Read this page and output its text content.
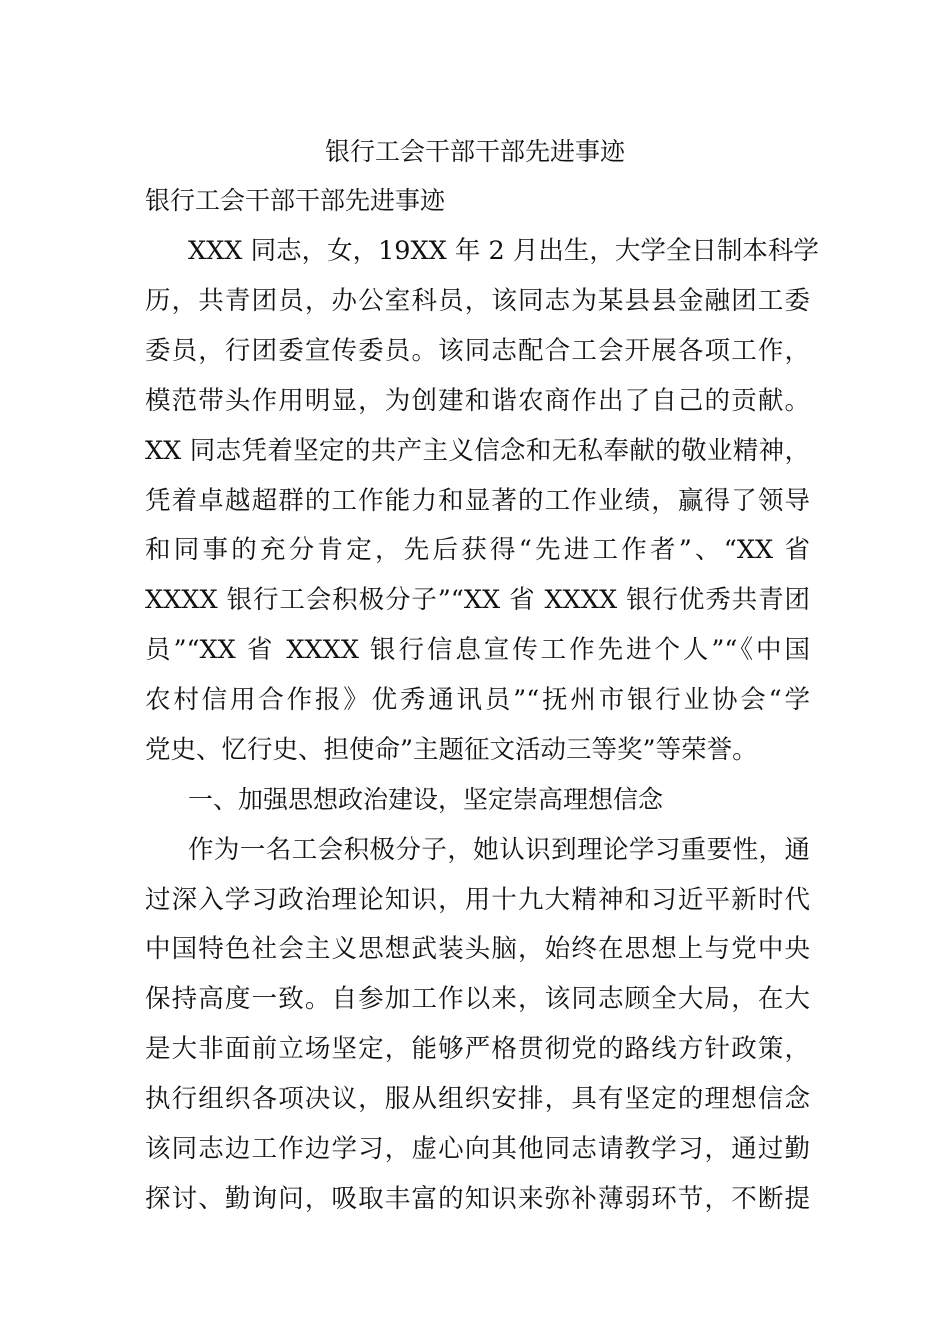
银行工会干部干部先进事迹
银行工会干部干部先进事迹
XXX 同志，女，19XX 年 2 月出生，大学全日制本科学
历，共青团员，办公室科员，该同志为某县县金融团工委
委员，行团委宣传委员。该同志配合工会开展各项工作，
模范带头作用明显，为创建和谐农商作出了自己的贡献。
XX 同志凭着坚定的共产主义信念和无私奉献的敬业精神，
凭着卓越超群的工作能力和显著的工作业绩，赢得了领导
和同事的充分肯定，先后获得“先进工作者”、“XX 省
XXXX 银行工会积极分子”“XX 省 XXXX 银行优秀共青团
员”“XX 省 XXXX 银行信息宣传工作先进个人”“《中国
农村信用合作报》优秀通讯员”“抚州市银行业协会“学
党史、忆行史、担使命”主题征文活动三等奖”等荣誉。
一、加强思想政治建设，坚定崇高理想信念
作为一名工会积极分子，她认识到理论学习重要性，通
过深入学习政治理论知识，用十九大精神和习近平新时代
中国特色社会主义思想武装头脑，始终在思想上与党中央
保持高度一致。自参加工作以来，该同志顾全大局，在大
是大非面前立场坚定，能够严格贯彻党的路线方针政策，
执行组织各项决议，服从组织安排，具有坚定的理想信念
该同志边工作边学习，虚心向其他同志请教学习，通过勤
探讨、勤询问，吸取丰富的知识来弥补薄弱环节，不断提
